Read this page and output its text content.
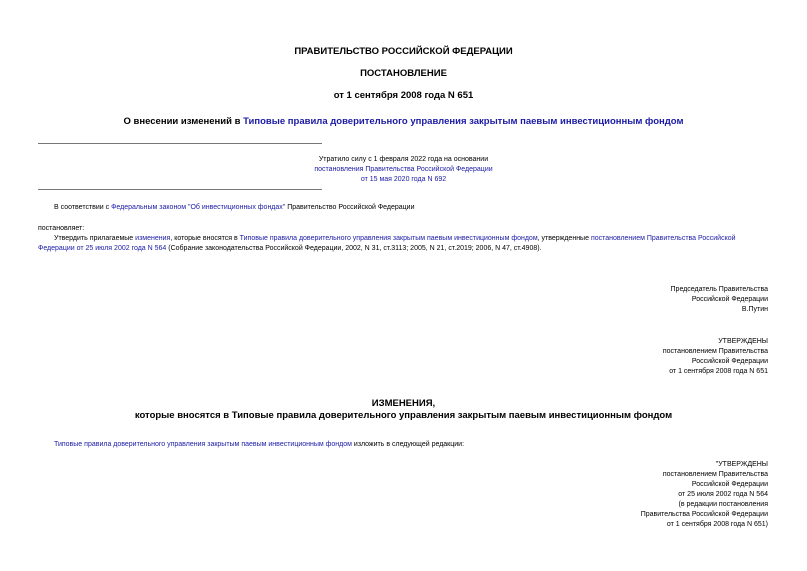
ПРАВИТЕЛЬСТВО РОССИЙСКОЙ ФЕДЕРАЦИИ
ПОСТАНОВЛЕНИЕ
от 1 сентября 2008 года N 651
О внесении изменений в Типовые правила доверительного управления закрытым паевым инвестиционным фондом
Утратило силу с 1 февраля 2022 года на основании
постановления Правительства Российской Федерации
от 15 мая 2020 года N 692
В соответствии с Федеральным законом "Об инвестиционных фондах" Правительство Российской Федерации
постановляет:
Утвердить прилагаемые изменения, которые вносятся в Типовые правила доверительного управления закрытым паевым инвестиционным фондом, утвержденные постановлением Правительства Российской
Федерации от 25 июля 2002 года N 564 (Собрание законодательства Российской Федерации, 2002, N 31, ст.3113; 2005, N 21, ст.2019; 2006, N 47, ст.4908).
Председатель Правительства
Российской Федерации
В.Путин
УТВЕРЖДЕНЫ
постановлением Правительства
Российской Федерации
от 1 сентября 2008 года N 651
ИЗМЕНЕНИЯ,
которые вносятся в Типовые правила доверительного управления закрытым паевым инвестиционным фондом
Типовые правила доверительного управления закрытым паевым инвестиционным фондом изложить в следующей редакции:
"УТВЕРЖДЕНЫ
постановлением Правительства
Российской Федерации
от 25 июля 2002 года N 564
(в редакции постановления
Правительства Российской Федерации
от 1 сентября 2008 года N 651)
